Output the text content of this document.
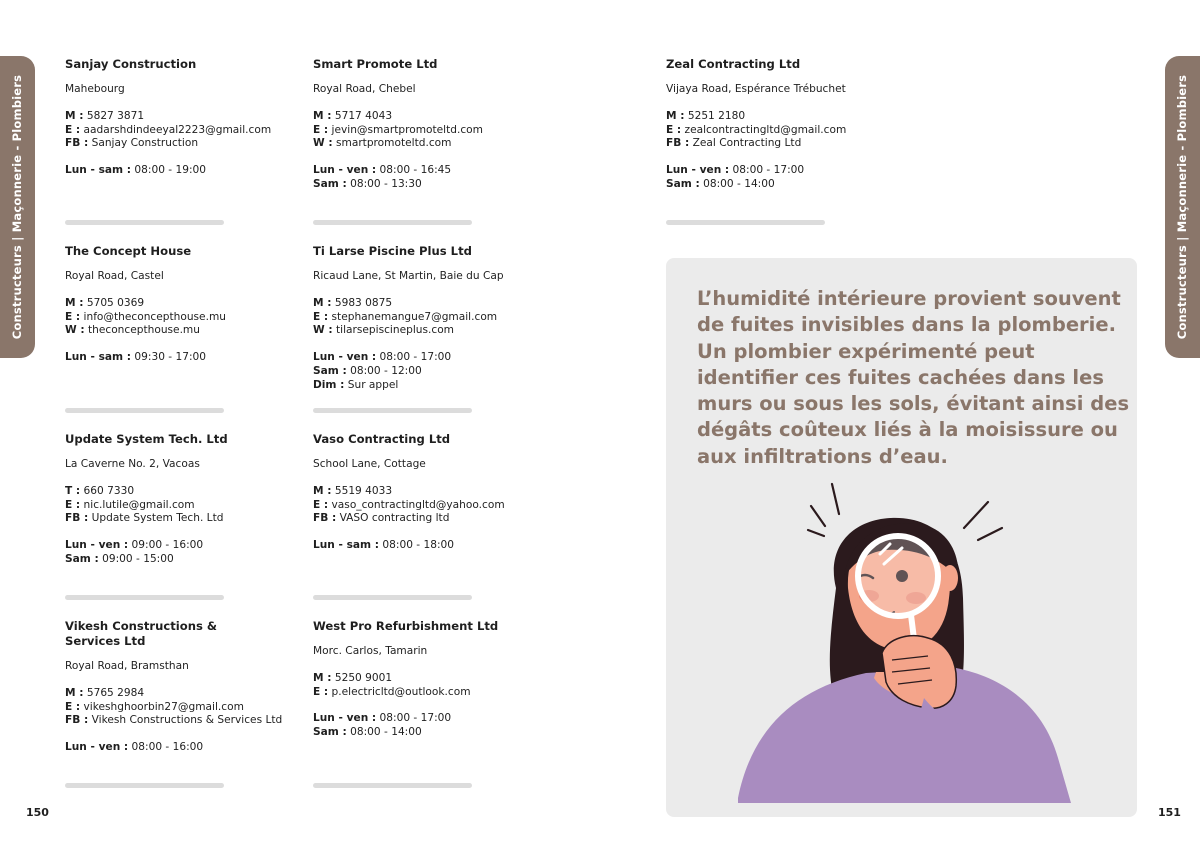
Constructeurs | Maçonnerie - Plombiers	Constructeurs | Maçonnerie - Plombiers
150	151
Sanjay Construction
Mahebourg
M : 5827 3871
E : aadarshdindeeyal2223@gmail.com
FB : Sanjay Construction
Lun - sam : 08:00 - 19:00
The Concept House
Royal Road, Castel
M : 5705 0369
E : info@theconcepthouse.mu
W : theconcepthouse.mu
Lun - sam : 09:30 - 17:00
Update System Tech. Ltd
La Caverne No. 2, Vacoas
T : 660 7330
E : nic.lutile@gmail.com
FB : Update System Tech. Ltd
Lun - ven : 09:00 - 16:00
Sam : 09:00 - 15:00
Vikesh Constructions & Services Ltd
Royal Road, Bramsthan
M : 5765 2984
E : vikeshghoorbin27@gmail.com
FB : Vikesh Constructions & Services Ltd
Lun - ven : 08:00 - 16:00
Smart Promote Ltd
Royal Road, Chebel
M : 5717 4043
E : jevin@smartpromoteltd.com
W : smartpromoteltd.com
Lun - ven : 08:00 - 16:45
Sam : 08:00 - 13:30
Ti Larse Piscine Plus Ltd
Ricaud Lane, St Martin, Baie du Cap
M : 5983 0875
E : stephanemangue7@gmail.com
W : tilarsepiscineplus.com
Lun - ven : 08:00 - 17:00
Sam : 08:00 - 12:00
Dim : Sur appel
Vaso Contracting Ltd
School Lane, Cottage
M : 5519 4033
E : vaso_contractingltd@yahoo.com
FB : VASO contracting ltd
Lun - sam : 08:00 - 18:00
West Pro Refurbishment Ltd
Morc. Carlos, Tamarin
M : 5250 9001
E : p.electricltd@outlook.com
Lun - ven : 08:00 - 17:00
Sam : 08:00 - 14:00
Zeal Contracting Ltd
Vijaya Road, Espérance Trébuchet
M : 5251 2180
E : zealcontractingltd@gmail.com
FB : Zeal Contracting Ltd
Lun - ven : 08:00 - 17:00
Sam : 08:00 - 14:00
L’humidité intérieure provient souvent de fuites invisibles dans la plomberie. Un plombier expérimenté peut identifier ces fuites cachées dans les murs ou sous les sols, évitant ainsi des dégâts coûteux liés à la moisissure ou aux infiltrations d’eau.
